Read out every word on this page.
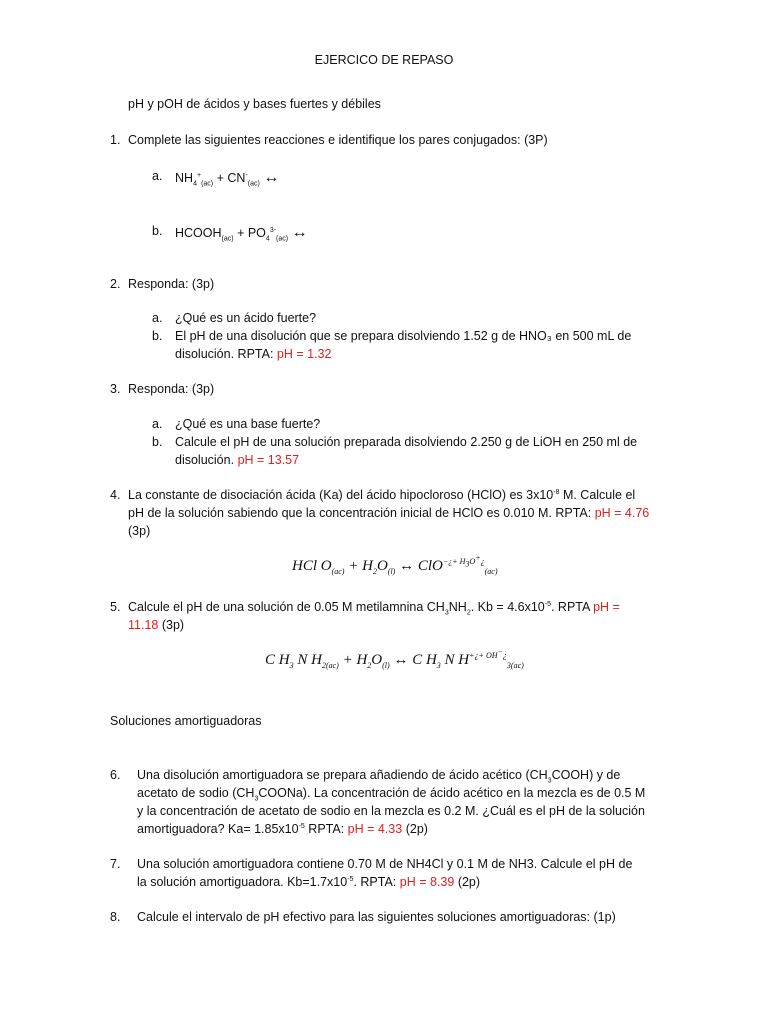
EJERCICO DE REPASO
pH y pOH de ácidos y bases fuertes y débiles
1. Complete las siguientes reacciones e identifique los pares conjugados: (3P)
a. $NH_4^+_{(ac)} + CN^-_{(ac)}$ ↔
b. $HCOOH_{(ac)} + PO_4^{3-}_{(ac)}$ ↔
2. Responda: (3p)
a. ¿Qué es un ácido fuerte?
b. El pH de una disolución que se prepara disolviendo 1.52 g de HNO₃ en 500 mL de
disolución. RPTA: pH = 1.32
3. Responda: (3p)
a. ¿Qué es una base fuerte?
b. Calcule el pH de una solución preparada disolviendo 2.250 g de LiOH en 250 ml de
disolución. pH = 13.57
4. La constante de disociación ácida (Ka) del ácido hipocloroso (HClO) es $3x10^{-8}$ M. Calcule el
pH de la solución sabiendo que la concentración inicial de HClO es 0.010 M. RPTA: pH = 4.76
(3p)
HCl $O_{(ac)} + H_2O_{(l)}$ ↔ ClO$^{-¿+ H_3O^+¿}_{(ac)}$
5. Calcule el pH de una solución de 0.05 M metilamnina $CH_3NH_2$. $Kb = 4.6x10^{-5}$. RPTA pH =
11.18 (3p)
C $H_3$ N $H_{2(ac)} + H_2O_{(l)}$ ↔ C $H_3$ N $H^{+¿+ OH^-¿}_{3(ac)}$
Soluciones amortiguadoras
6. Una disolución amortiguadora se prepara añadiendo de ácido acético $(CH_3COOH)$ y de
acetato de sodio $(CH_3COONa)$. La concentración de ácido acético en la mezcla es de 0.5 M
y la concentración de acetato de sodio en la mezcla es 0.2 M. ¿Cuál es el pH de la solución
amortiguadora? $Ka= 1.85x10^{-5}$ RPTA: pH = 4.33 (2p)
7. Una solución amortiguadora contiene 0.70 M de NH4Cl y 0.1 M de NH3. Calcule el pH de
la solución amortiguadora. $Kb=1.7x10^{-5}$. RPTA: pH = 8.39 (2p)
8. Calcule el intervalo de pH efectivo para las siguientes soluciones amortiguadoras: (1p)
